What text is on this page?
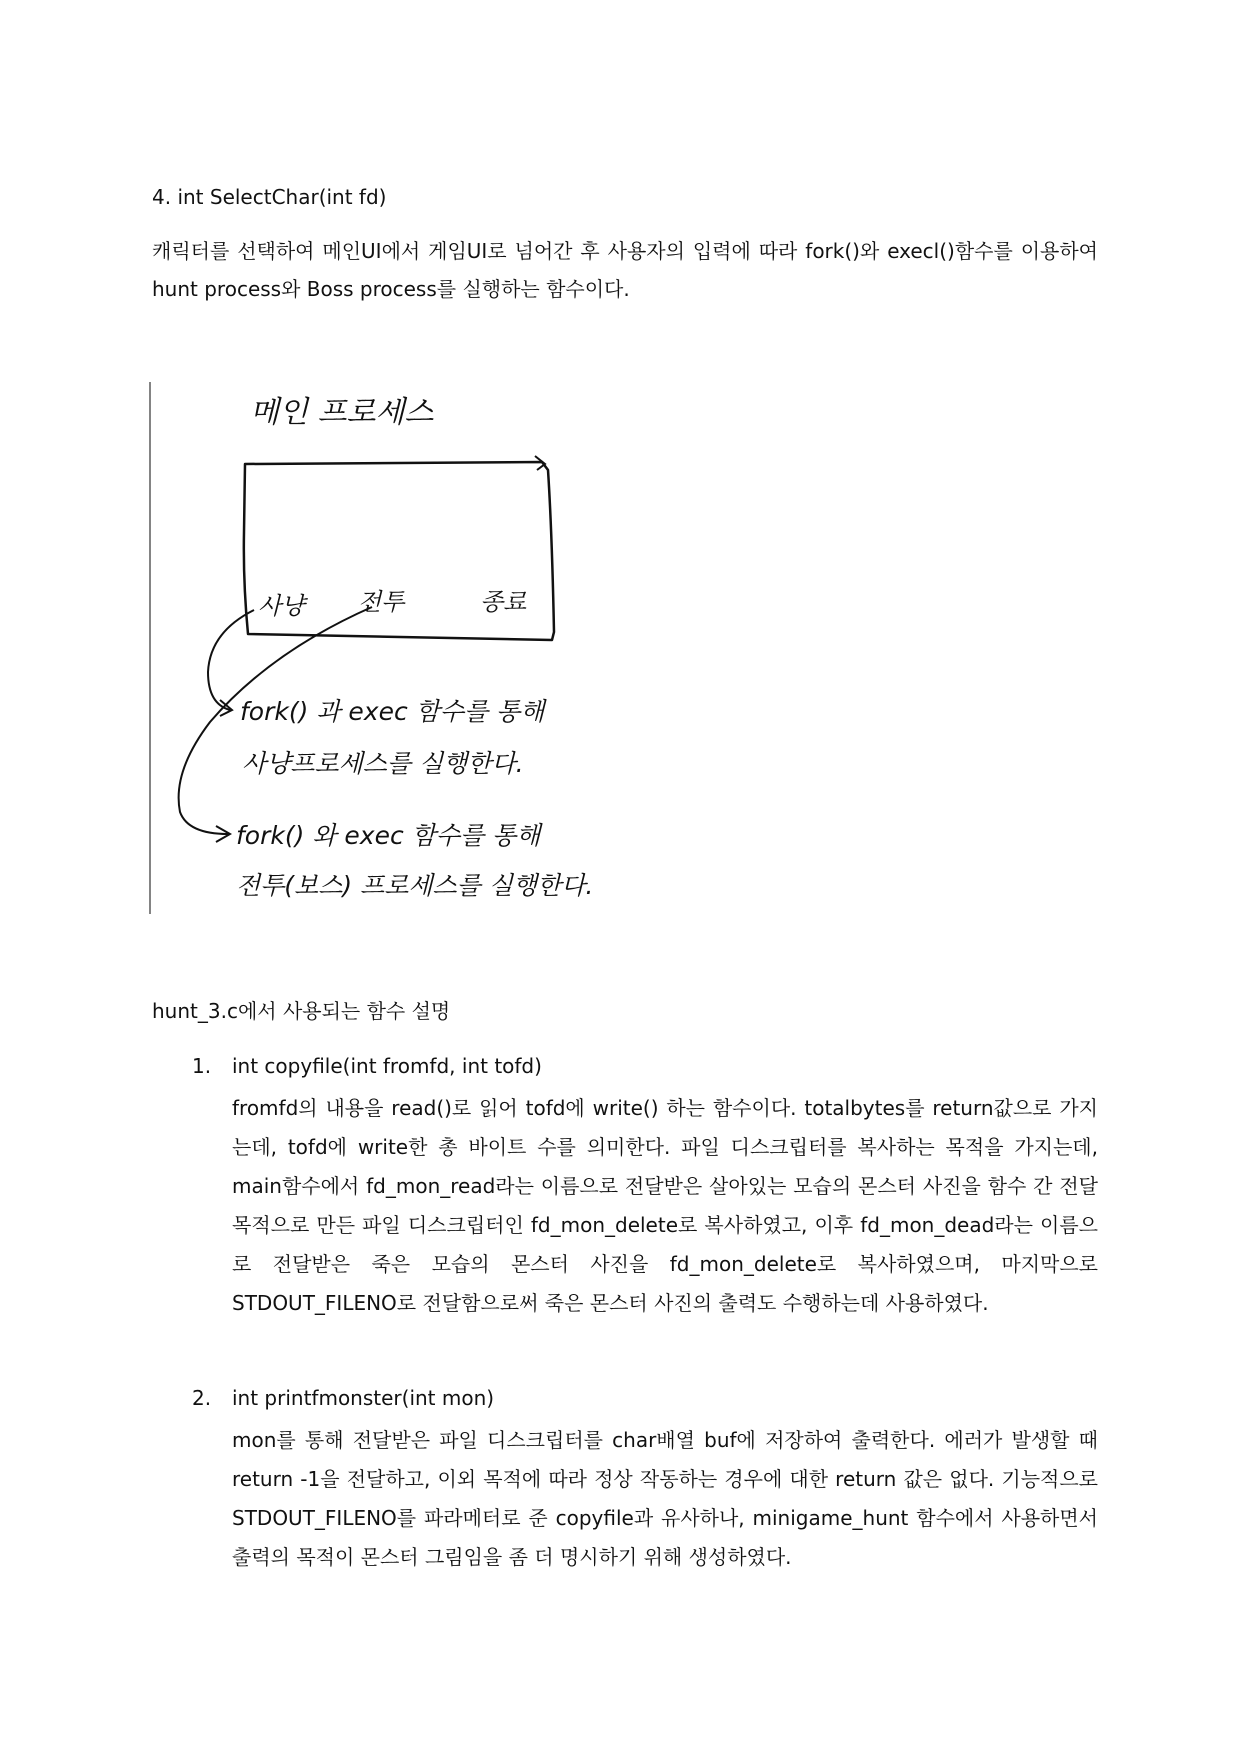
4. int SelectChar(int fd)
캐릭터를 선택하여 메인UI에서 게임UI로 넘어간 후 사용자의 입력에 따라 fork()와 execl()함수를 이용하여 hunt process와 Boss process를 실행하는 함수이다.
메인 프로세스
사냥 전투	종료
fork() 과 exec 함수를 통해
사냥프로세스를 실행한다.
fork() 와 exec 함수를 통해
전투(보스) 프로세스를 실행한다.
hunt_3.c에서 사용되는 함수 설명
1. int copyfile(int fromfd, int tofd)
fromfd의 내용을 read()로 읽어 tofd에 write() 하는 함수이다. totalbytes를 return값으로 가지는데, tofd에 write한 총 바이트 수를 의미한다. 파일 디스크립터를 복사하는 목적을 가지는데, main함수에서 fd_mon_read라는 이름으로 전달받은 살아있는 모습의 몬스터 사진을 함수 간 전달 목적으로 만든 파일 디스크립터인 fd_mon_delete로 복사하였고, 이후 fd_mon_dead라는 이름으로 전달받은 죽은 모습의 몬스터 사진을 fd_mon_delete로 복사하였으며, 마지막으로 STDOUT_FILENO로 전달함으로써 죽은 몬스터 사진의 출력도 수행하는데 사용하였다.
2. int printfmonster(int mon)
mon를 통해 전달받은 파일 디스크립터를 char배열 buf에 저장하여 출력한다. 에러가 발생할 때 return -1을 전달하고, 이외 목적에 따라 정상 작동하는 경우에 대한 return 값은 없다. 기능적으로 STDOUT_FILENO를 파라메터로 준 copyfile과 유사하나, minigame_hunt 함수에서 사용하면서 출력의 목적이 몬스터 그림임을 좀 더 명시하기 위해 생성하였다.
